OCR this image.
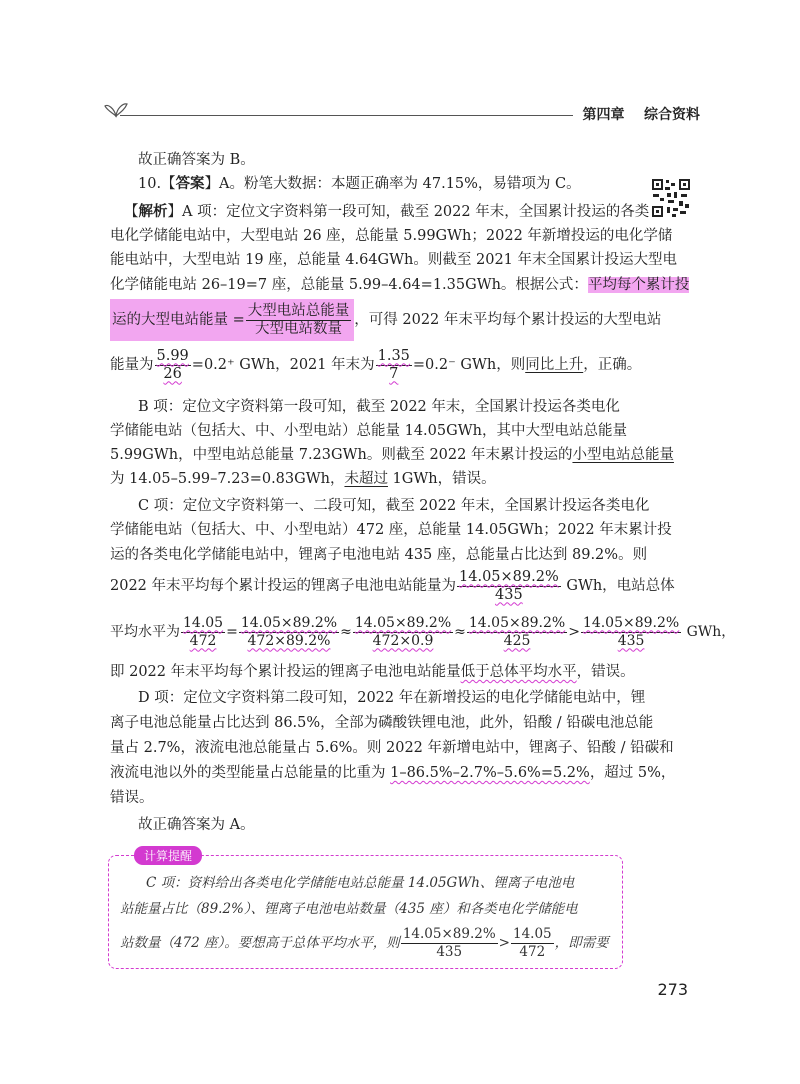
第四章 综合资料
故正确答案为 B。
10.【答案】A。粉笔大数据：本题正确率为 47.15%，易错项为 C。
【解析】A 项：定位文字资料第一段可知，截至 2022 年末，全国累计投运的各类
电化学储能电站中，大型电站 26 座，总能量 5.99GWh；2022 年新增投运的电化学储
能电站中，大型电站 19 座，总能量 4.64GWh。则截至 2021 年末全国累计投运大型电
化学储能电站 26–19=7 座，总能量 5.99–4.64=1.35GWh。根据公式：平均每个累计投
运的大型电站能量 = $\frac{\text{大型电站总能量}}{\text{大型电站数量}}$ ，可得 2022 年末平均每个累计投运的大型电站
能量为 $\frac{5.99}{26} =0.2^+$ GWh，2021 年末为 $\frac{1.35}{7} =0.2^-$ GWh，则同比上升，正确。
B 项：定位文字资料第一段可知，截至 2022 年末，全国累计投运各类电化
学储能电站（包括大、中、小型电站）总能量 14.05GWh，其中大型电站总能量
5.99GWh，中型电站总能量 7.23GWh。则截至 2022 年末累计投运的小型电站总能量
为 14.05–5.99–7.23=0.83GWh，未超过 1GWh，错误。
C 项：定位文字资料第一、二段可知，截至 2022 年末，全国累计投运各类电化
学储能电站（包括大、中、小型电站）472 座，总能量 14.05GWh；2022 年末累计投
运的各类电化学储能电站中，锂离子电池电站 435 座，总能量占比达到 89.2%。则
2022 年末平均每个累计投运的锂离子电池电站能量为 $\frac{14.05\times 89.2\%}{435}$ GWh，电站总体
平均水平为 $\frac{14.05}{472} = \frac{14.05\times 89.2\%}{472\times 89.2\%} \approx \frac{14.05\times 89.2\%}{472\times 0.9} \approx \frac{14.05\times 89.2\%}{425} > \frac{14.05\times 89.2\%}{435}$ GWh，
即 2022 年末平均每个累计投运的锂离子电池电站能量低于总体平均水平，错误。
D 项：定位文字资料第二段可知，2022 年在新增投运的电化学储能电站中，锂
离子电池总能量占比达到 86.5%，全部为磷酸铁锂电池，此外，铅酸 / 铅碳电池总能
量占 2.7%，液流电池总能量占 5.6%。则 2022 年新增电站中，锂离子、铅酸 / 铅碳和
液流电池以外的类型能量占总能量的比重为 1–86.5%–2.7%–5.6%=5.2%，超过 5%，
错误。
故正确答案为 A。
计算提醒
C 项：资料给出各类电化学储能电站总能量 14.05GWh、锂离子电池电
站能量占比（89.2%）、锂离子电池电站数量（435 座）和各类电化学储能电
站数量（472 座）。要想高于总体平均水平，则 $\frac{14.05\times 89.2\%}{435} > \frac{14.05}{472}$ ，即需要
273
